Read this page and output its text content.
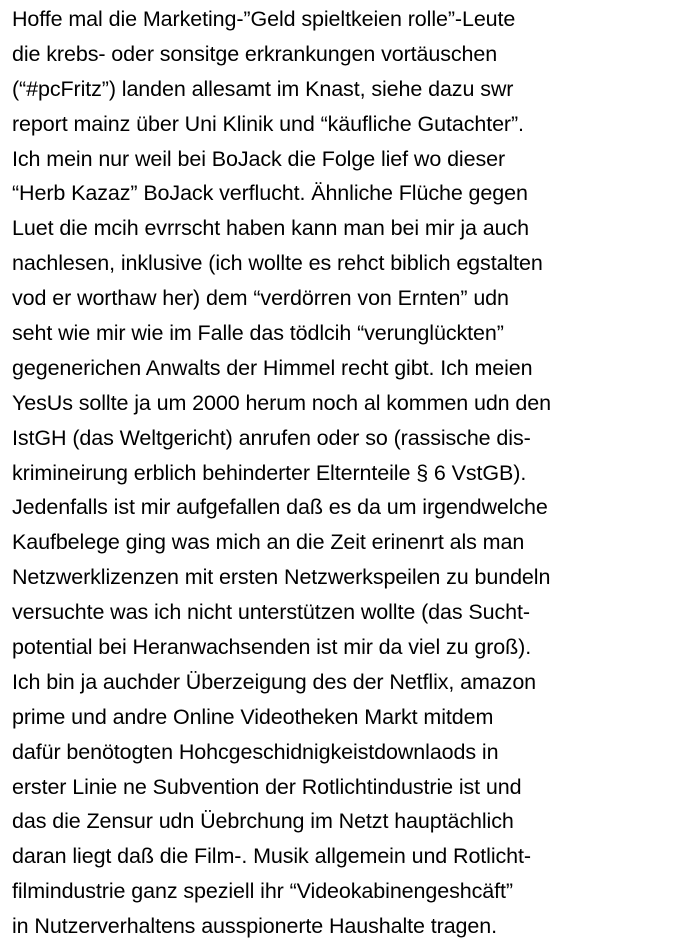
Hoffe mal die Marketing-”Geld spieltkeien rolle”-Leute
die krebs- oder sonsitge erkrankungen vortäuschen
(“#pcFritz”) landen allesamt im Knast, siehe dazu swr
report mainz über Uni Klinik und “käufliche Gutachter”.
Ich mein nur weil bei BoJack die Folge lief wo dieser
“Herb Kazaz” BoJack verflucht. Ähnliche Flüche gegen
Luet die mcih evrrscht haben kann man bei mir ja auch
nachlesen, inklusive (ich wollte es rehct biblich egstalten
vod er worthaw her) dem “verdörren von Ernten” udn
seht wie mir wie im Falle das tödlcih “verunglückten”
gegenerichen Anwalts der Himmel recht gibt. Ich meien
YesUs sollte ja um 2000 herum noch al kommen udn den
IstGH (das Weltgericht) anrufen oder so (rassische dis-
krimineirung erblich behinderter Elternteile § 6 VstGB).
Jedenfalls ist mir aufgefallen daß es da um irgendwelche
Kaufbelege ging was mich an die Zeit erinenrt als man
Netzwerklizenzen mit ersten Netzwerkspeilen zu bundeln
versuchte was ich nicht unterstützen wollte (das Sucht-
potential bei Heranwachsenden ist mir da viel zu groß).
Ich bin ja auchder Überzeigung des der Netflix, amazon
prime und andre Online Videotheken Markt mitdem
dafür benötogten Hohcgeschidnigkeistdownlaods in
erster Linie ne Subvention der Rotlichtindustrie ist und
das die Zensur udn Üebrchung im Netzt hauptächlich
daran liegt daß die Film-. Musik allgemein und Rotlicht-
filmindustrie ganz speziell ihr “Videokabinengeshcäft”
in Nutzerverhaltens ausspionerte Haushalte tragen.
